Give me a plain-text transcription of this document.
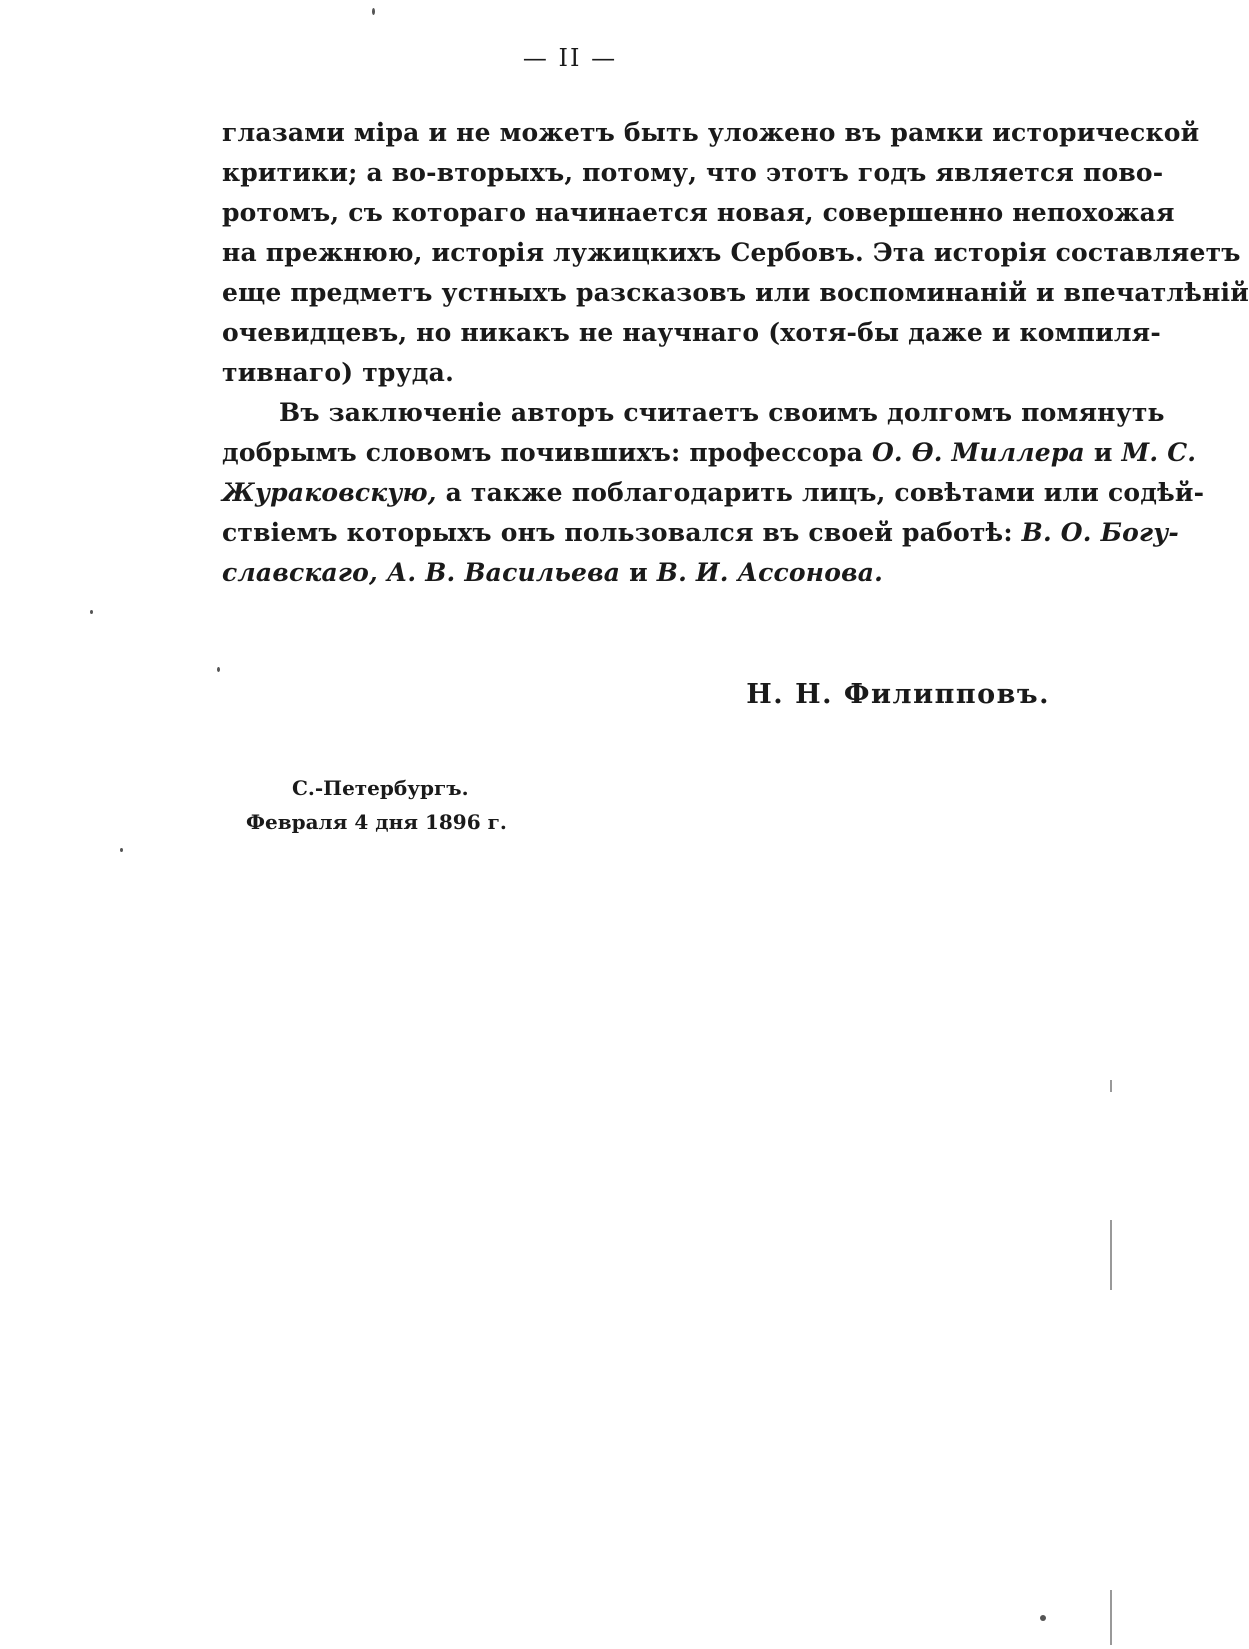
— II —
глазами міра и не можетъ быть уложено въ рамки исторической
критики; а во-вторыхъ, потому, что этотъ годъ является пово-
ротомъ, съ котораго начинается новая, совершенно непохожая
на прежнюю, исторія лужицкихъ Сербовъ. Эта исторія составляетъ
еще предметъ устныхъ разсказовъ или воспоминаній и впечатлѣній
очевидцевъ, но никакъ не научнаго (хотя-бы даже и компиля-
тивнаго) труда.
Въ заключеніе авторъ считаетъ своимъ долгомъ помянуть
добрымъ словомъ почившихъ: профессора О. Ѳ. Миллера и М. С.
Жураковскую, а также поблагодарить лицъ, совѣтами или содѣй-
ствіемъ которыхъ онъ пользовался въ своей работѣ: В. О. Богу-
славскаго, А. В. Васильева и В. И. Ассонова.
Н. Н. Филипповъ.
С.-Петербургъ.
Февраля 4 дня 1896 г.
